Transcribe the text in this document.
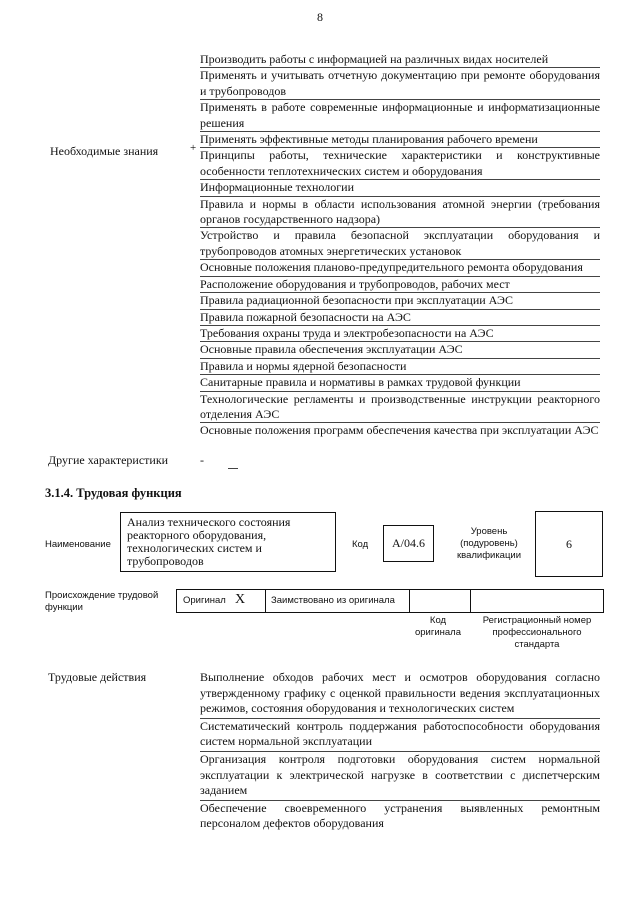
8
Необходимые знания	+
Производить работы с информацией на различных видах носителей
Применять и учитывать отчетную документацию при ремонте оборудования и трубопроводов
Применять в работе современные информационные и информатизационные решения
Применять эффективные методы планирования рабочего времени
Принципы работы, технические характеристики и конструктивные особенности теплотехнических систем и оборудования
Информационные технологии
Правила и нормы в области использования атомной энергии (требования органов государственного надзора)
Устройство и правила безопасной эксплуатации оборудования и трубопроводов атомных энергетических установок
Основные положения планово-предупредительного ремонта оборудования
Расположение оборудования и трубопроводов, рабочих мест
Правила радиационной безопасности при эксплуатации АЭС
Правила пожарной безопасности на АЭС
Требования охраны труда и электробезопасности на АЭС
Основные правила обеспечения эксплуатации АЭС
Правила и нормы ядерной безопасности
Санитарные правила и нормативы в рамках трудовой функции
Технологические регламенты и производственные инструкции реакторного отделения АЭС
Основные положения программ обеспечения качества при эксплуатации АЭС
Другие характеристики	-
3.1.4. Трудовая функция
Наименование
Анализ технического состояния реакторного оборудования, технологических систем и трубопроводов
Код	А/04.6
Уровень (подуровень) квалификации
6
Происхождение трудовой функции
Оригинал X	Заимствовано из оригинала
Код оригинала
Регистрационный номер профессионального стандарта
Трудовые действия	Выполнение обходов рабочих мест и осмотров оборудования согласно утвержденному графику с оценкой правильности ведения эксплуатационных режимов, состояния оборудования и технологических систем
Систематический контроль поддержания работоспособности оборудования систем нормальной эксплуатации
Организация контроля подготовки оборудования систем нормальной эксплуатации к электрической нагрузке в соответствии с диспетчерским заданием
Обеспечение своевременного устранения выявленных ремонтным персоналом дефектов оборудования
